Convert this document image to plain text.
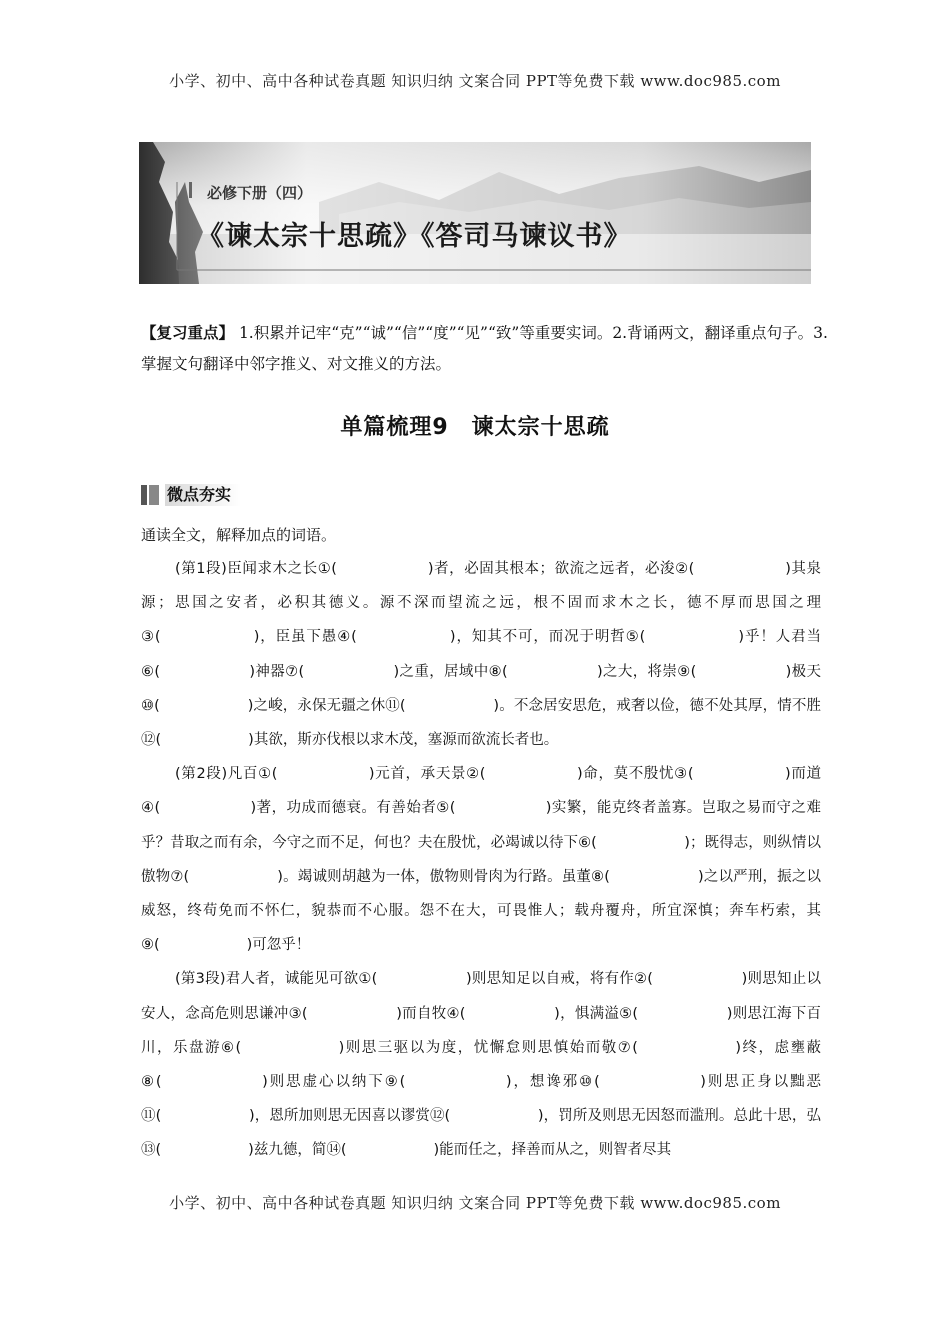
小学、初中、高中各种试卷真题 知识归纳 文案合同 PPT等免费下载 www.doc985.com
必修下册（四）
《谏太宗十思疏》《答司马谏议书》
【复习重点】 1.积累并记牢“克”“诚”“信”“度”“见”“致”等重要实词。2.背诵两文，翻译重点句子。3.掌握文句翻译中邻字推义、对文推义的方法。
单篇梳理9　谏太宗十思疏
微点夯实
通读全文，解释加点的词语。

(第1段)臣闻求木之长①(　　　　　　)者，必固其根本；欲流之远者，必浚②(　　　　　　)其泉源；思国之安者，必积其德义。源不深而望流之远，根不固而求木之长，德不厚而思国之理③(　　　　　　)，臣虽下愚④(　　　　　　)，知其不可，而况于明哲⑤(　　　　　　)乎！人君当⑥(　　　　　　)神器⑦(　　　　　　)之重，居域中⑧(　　　　　　)之大，将崇⑨(　　　　　　)极天⑩(　　　　　　)之峻，永保无疆之休⑪(　　　　　　)。不念居安思危，戒奢以俭，德不处其厚，情不胜⑫(　　　　　　)其欲，斯亦伐根以求木茂，塞源而欲流长者也。

(第2段)凡百①(　　　　　　)元首，承天景②(　　　　　　)命，莫不殷忧③(　　　　　　)而道④(　　　　　　)著，功成而德衰。有善始者⑤(　　　　　　)实繁，能克终者盖寡。岂取之易而守之难乎？昔取之而有余，今守之而不足，何也？夫在殷忧，必竭诚以待下⑥(　　　　　　)；既得志，则纵情以傲物⑦(　　　　　　)。竭诚则胡越为一体，傲物则骨肉为行路。虽董⑧(　　　　　　)之以严刑，振之以威怒，终苟免而不怀仁，貌恭而不心服。怨不在大，可畏惟人；载舟覆舟，所宜深慎；奔车朽索，其⑨(　　　　　　)可忽乎！

(第3段)君人者，诚能见可欲①(　　　　　　)则思知足以自戒，将有作②(　　　　　　)则思知止以安人，念高危则思谦冲③(　　　　　　)而自牧④(　　　　　　)，惧满溢⑤(　　　　　　)则思江海下百川，乐盘游⑥(　　　　　　)则思三驱以为度，忧懈怠则思慎始而敬⑦(　　　　　　)终，虑壅蔽⑧(　　　　　　)则思虚心以纳下⑨(　　　　　　)，想谗邪⑩(　　　　　　)则思正身以黜恶⑪(　　　　　　)，恩所加则思无因喜以谬赏⑫(　　　　　　)，罚所及则思无因怒而滥刑。总此十思，弘⑬(　　　　　　)兹九德，简⑭(　　　　　　)能而任之，择善而从之，则智者尽其

小学、初中、高中各种试卷真题 知识归纳 文案合同 PPT等免费下载 www.doc985.com
